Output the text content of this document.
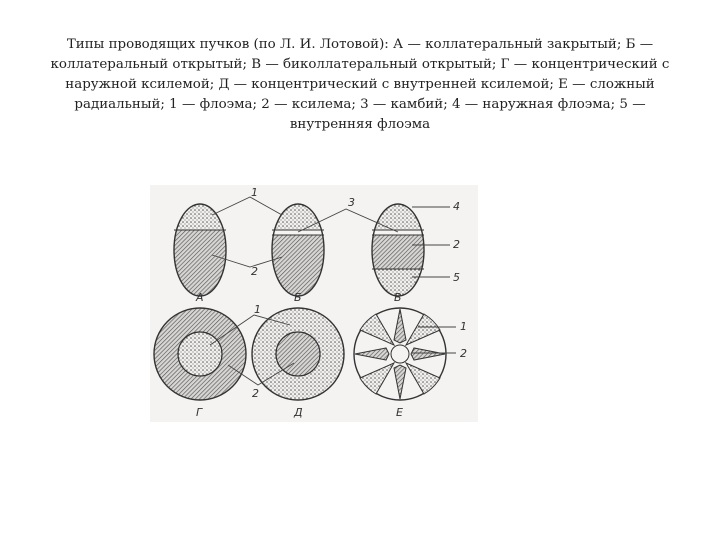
Типы проводящих пучков (по Л. И. Лотовой): А — коллатеральный закрытый; Б — коллатеральный открытый; В — биколлатеральный открытый; Г — концентрический с наружной ксилемой; Д — концентрический с внутренней ксилемой; Е — сложный радиальный; 1 — флоэма; 2 — ксилема; 3 — камбий; 4 — наружная флоэма; 5 — внутренняя флоэма
1
2
3	4
2
5
А	Б	В
1
2
1
2
Г	Д	Е
